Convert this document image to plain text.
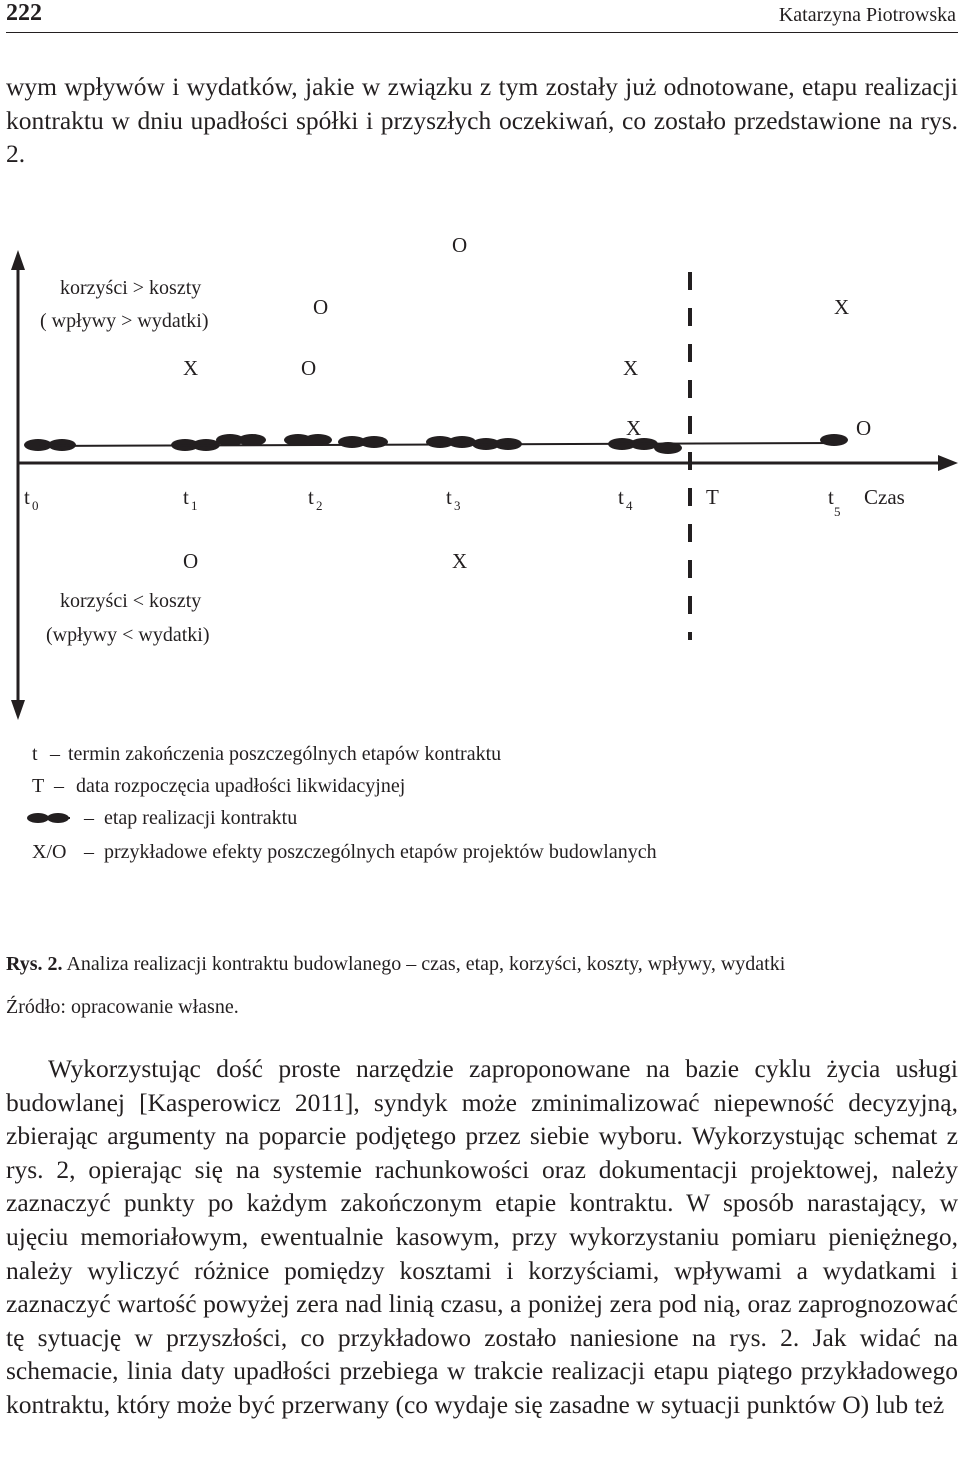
222	Katarzyna Piotrowska
wym wpływów i wydatków, jakie w związku z tym zostały już odnotowane, etapu realizacji kontraktu w dniu upadłości spółki i przyszłych oczekiwań, co zostało przedstawione na rys. 2.
korzyści > koszty
( wpływy > wydatki)
korzyści < koszty
(wpływy < wydatki)
O
O	X
X	O	X
X	O
O	X
t 0	t 1	t 2	t 3	t 4	t
5
T	Czas
t – termin zakończenia poszczególnych etapów kontraktu
T – data rozpoczęcia upadłości likwidacyjnej
– etap realizacji kontraktu
X/O – przykładowe efekty poszczególnych etapów projektów budowlanych
Rys. 2. Analiza realizacji kontraktu budowlanego – czas, etap, korzyści, koszty, wpływy, wydatki
Źródło: opracowanie własne.
Wykorzystując dość proste narzędzie zaproponowane na bazie cyklu życia usługi budowlanej [Kasperowicz 2011], syndyk może zminimalizować niepewność decyzyjną, zbierając argumenty na poparcie podjętego przez siebie wyboru. Wykorzystując schemat z rys. 2, opierając się na systemie rachunkowości oraz dokumentacji projektowej, należy zaznaczyć punkty po każdym zakończonym etapie kontraktu. W sposób narastający, w ujęciu memoriałowym, ewentualnie kasowym, przy wykorzystaniu pomiaru pieniężnego, należy wyliczyć różnice pomiędzy kosztami i korzyściami, wpływami a wydatkami i zaznaczyć wartość powyżej zera nad linią czasu, a poniżej zera pod nią, oraz zaprognozować tę sytuację w przyszłości, co przykładowo zostało naniesione na rys. 2. Jak widać na schemacie, linia daty upadłości przebiega w trakcie realizacji etapu piątego przykładowego kontraktu, który może być przerwany (co wydaje się zasadne w sytuacji punktów O) lub też
